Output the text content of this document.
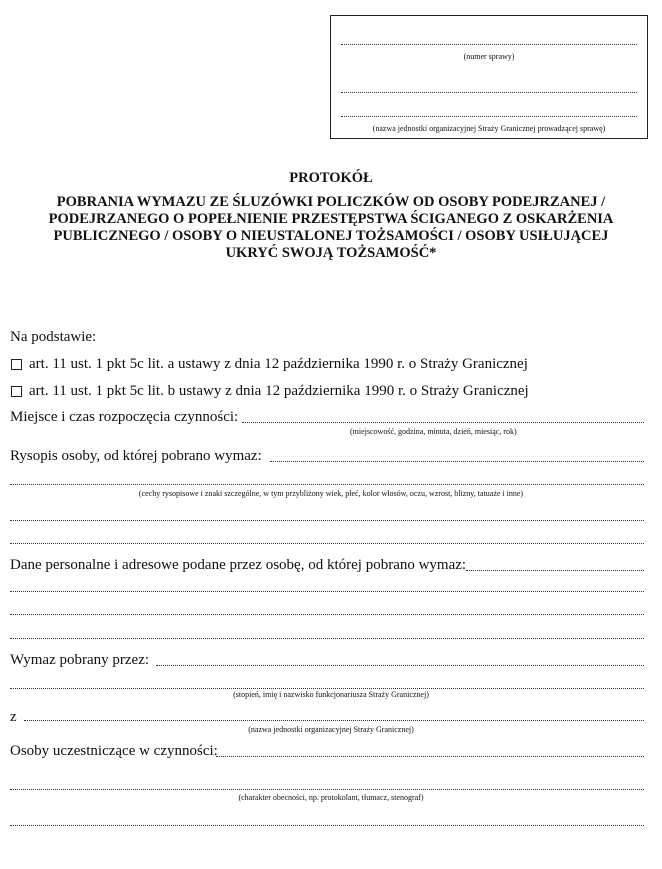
(numer sprawy)
(nazwa jednostki organizacyjnej Straży Granicznej prowadzącej sprawę)
PROTOKÓŁ
POBRANIA WYMAZU ZE ŚLUZÓWKI POLICZKÓW OD OSOBY PODEJRZANEJ /
PODEJRZANEGO O POPEŁNIENIE PRZESTĘPSTWA ŚCIGANEGO Z OSKARŻENIA
PUBLICZNEGO / OSOBY O NIEUSTALONEJ TOŻSAMOŚCI / OSOBY USIŁUJĄCEJ
UKRYĆ SWOJĄ TOŻSAMOŚĆ*
Na podstawie:
art. 11 ust. 1 pkt 5c lit. a ustawy z dnia 12 października 1990 r. o Straży Granicznej
art. 11 ust. 1 pkt 5c lit. b ustawy z dnia 12 października 1990 r. o Straży Granicznej
Miejsce i czas rozpoczęcia czynności:
(miejscowość, godzina, minuta, dzień, miesiąc, rok)
Rysopis osoby, od której pobrano wymaz:
(cechy rysopisowe i znaki szczególne, w tym przybliżony wiek, płeć, kolor włosów, oczu, wzrost, blizny, tatuaże i inne)
Dane personalne i adresowe podane przez osobę, od której pobrano wymaz:
Wymaz pobrany przez:
(stopień, imię i nazwisko funkcjonariusza Straży Granicznej)
z
(nazwa jednostki organizacyjnej Straży Granicznej)
Osoby uczestniczące w czynności:
(charakter obecności, np. protokolant, tłumacz, stenograf)
